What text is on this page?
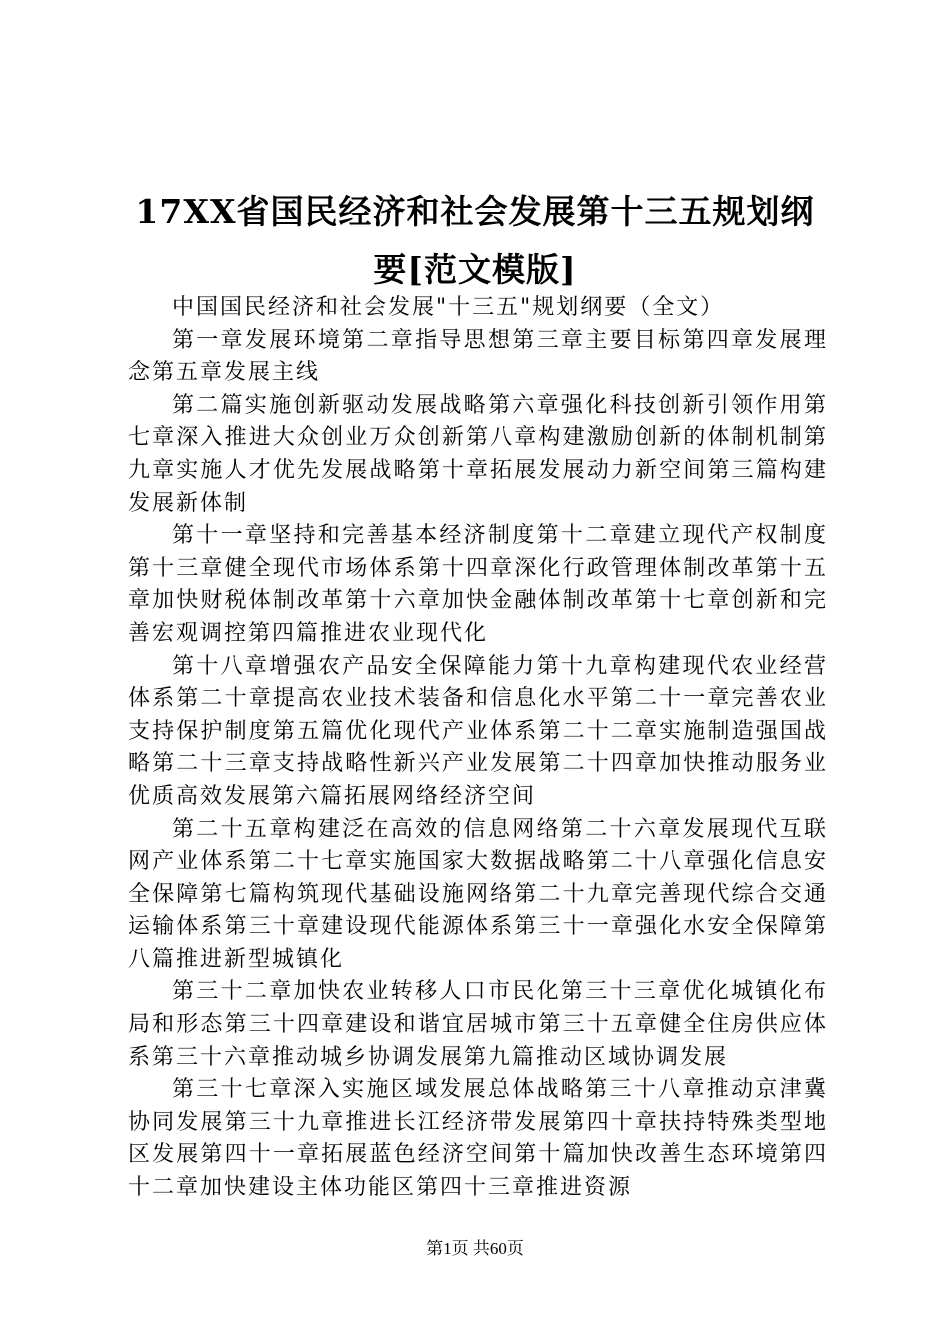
17XX省国民经济和社会发展第十三五规划纲
要[范文模版]

中国国民经济和社会发展"十三五"规划纲要（全文）

第一章发展环境第二章指导思想第三章主要目标第四章发展理念第五章发展主线

第二篇实施创新驱动发展战略第六章强化科技创新引领作用第七章深入推进大众创业万众创新第八章构建激励创新的体制机制第九章实施人才优先发展战略第十章拓展发展动力新空间第三篇构建发展新体制

第十一章坚持和完善基本经济制度第十二章建立现代产权制度第十三章健全现代市场体系第十四章深化行政管理体制改革第十五章加快财税体制改革第十六章加快金融体制改革第十七章创新和完善宏观调控第四篇推进农业现代化

第十八章增强农产品安全保障能力第十九章构建现代农业经营体系第二十章提高农业技术装备和信息化水平第二十一章完善农业支持保护制度第五篇优化现代产业体系第二十二章实施制造强国战略第二十三章支持战略性新兴产业发展第二十四章加快推动服务业优质高效发展第六篇拓展网络经济空间

第二十五章构建泛在高效的信息网络第二十六章发展现代互联网产业体系第二十七章实施国家大数据战略第二十八章强化信息安全保障第七篇构筑现代基础设施网络第二十九章完善现代综合交通运输体系第三十章建设现代能源体系第三十一章强化水安全保障第八篇推进新型城镇化

第三十二章加快农业转移人口市民化第三十三章优化城镇化布局和形态第三十四章建设和谐宜居城市第三十五章健全住房供应体系第三十六章推动城乡协调发展第九篇推动区域协调发展

第三十七章深入实施区域发展总体战略第三十八章推动京津冀协同发展第三十九章推进长江经济带发展第四十章扶持特殊类型地区发展第四十一章拓展蓝色经济空间第十篇加快改善生态环境第四十二章加快建设主体功能区第四十三章推进资源

第1页 共60页
